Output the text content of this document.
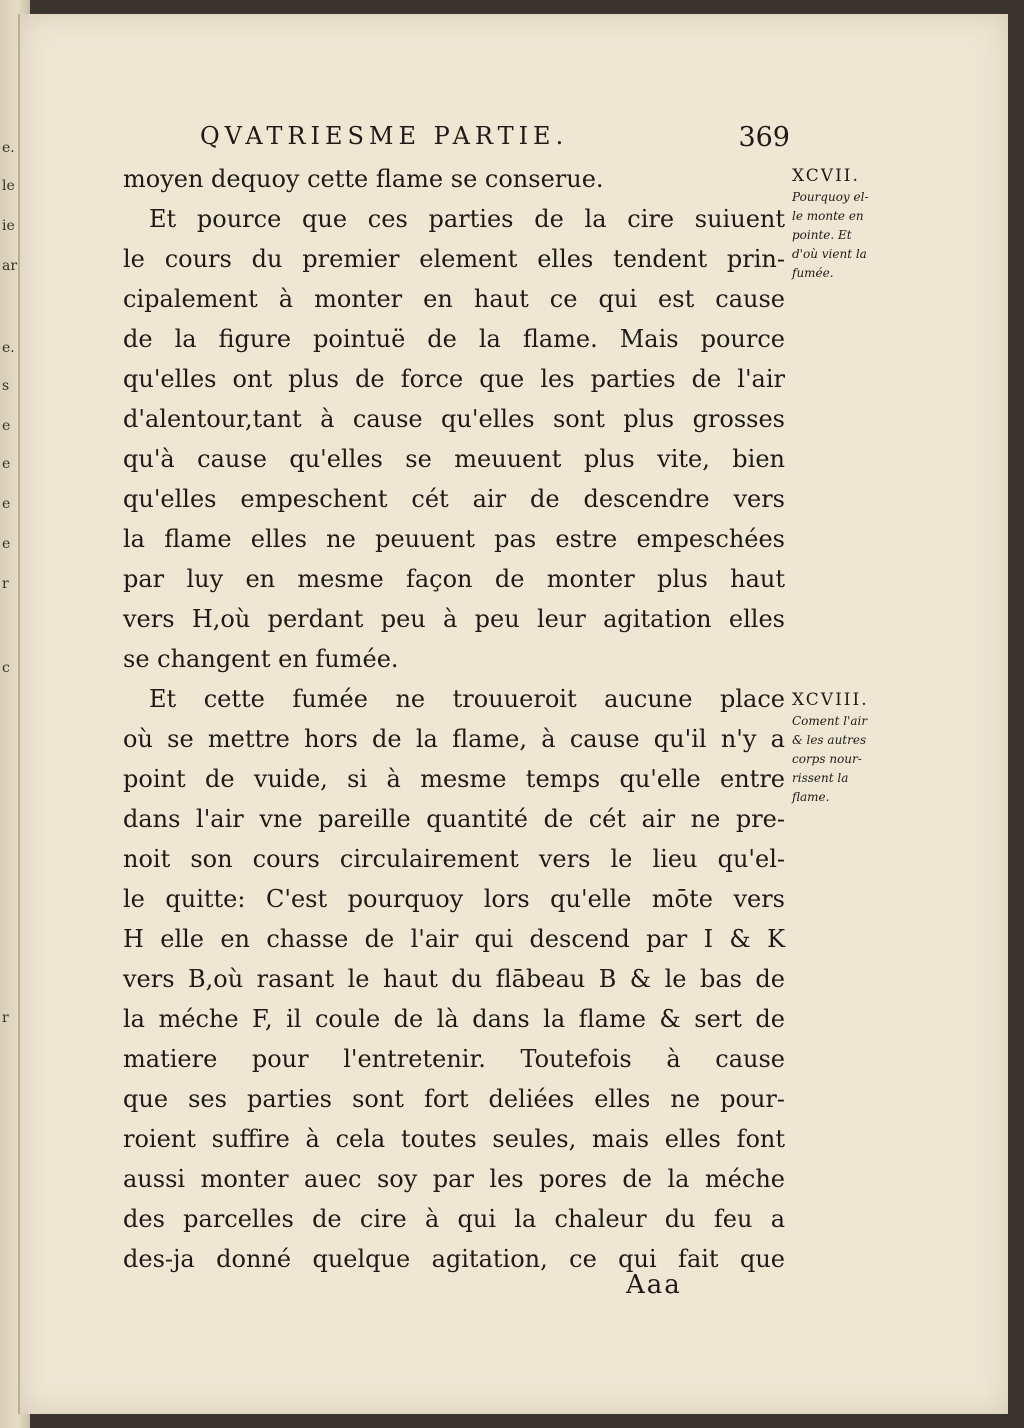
e.
le
ie
ar
e.
s
e
e
e
e
r
c
r
QVATRIESME PARTIE.	369
moyen dequoy cette flame se conserue.
Et pource que ces parties de la cire suiuent
le cours du premier element elles tendent prin-
cipalement à monter en haut ce qui est cause
de la figure pointuë de la flame. Mais pource
qu'elles ont plus de force que les parties de l'air
d'alentour,tant à cause qu'elles sont plus grosses
qu'à cause qu'elles se meuuent plus vite, bien
qu'elles empeschent cét air de descendre vers
la flame elles ne peuuent pas estre empeschées
par luy en mesme façon de monter plus haut
vers H,où perdant peu à peu leur agitation elles
se changent en fumée.
Et cette fumée ne trouueroit aucune place
où se mettre hors de la flame, à cause qu'il n'y a
point de vuide, si à mesme temps qu'elle entre
dans l'air vne pareille quantité de cét air ne pre-
noit son cours circulairement vers le lieu qu'el-
le quitte: C'est pourquoy lors qu'elle mōte vers
H elle en chasse de l'air qui descend par I & K
vers B,où rasant le haut du flābeau B & le bas de
la méche F, il coule de là dans la flame & sert de
matiere pour l'entretenir. Toutefois à cause
que ses parties sont fort deliées elles ne pour-
roient suffire à cela toutes seules, mais elles font
aussi monter auec soy par les pores de la méche
des parcelles de cire à qui la chaleur du feu a
des-ja donné quelque agitation, ce qui fait que
XCVII.
Pourquoy el-
le monte en
pointe. Et
d'où vient la
fumée.
XCVIII.
Coment l'air
& les autres
corps nour-
rissent la
flame.
Aaa
